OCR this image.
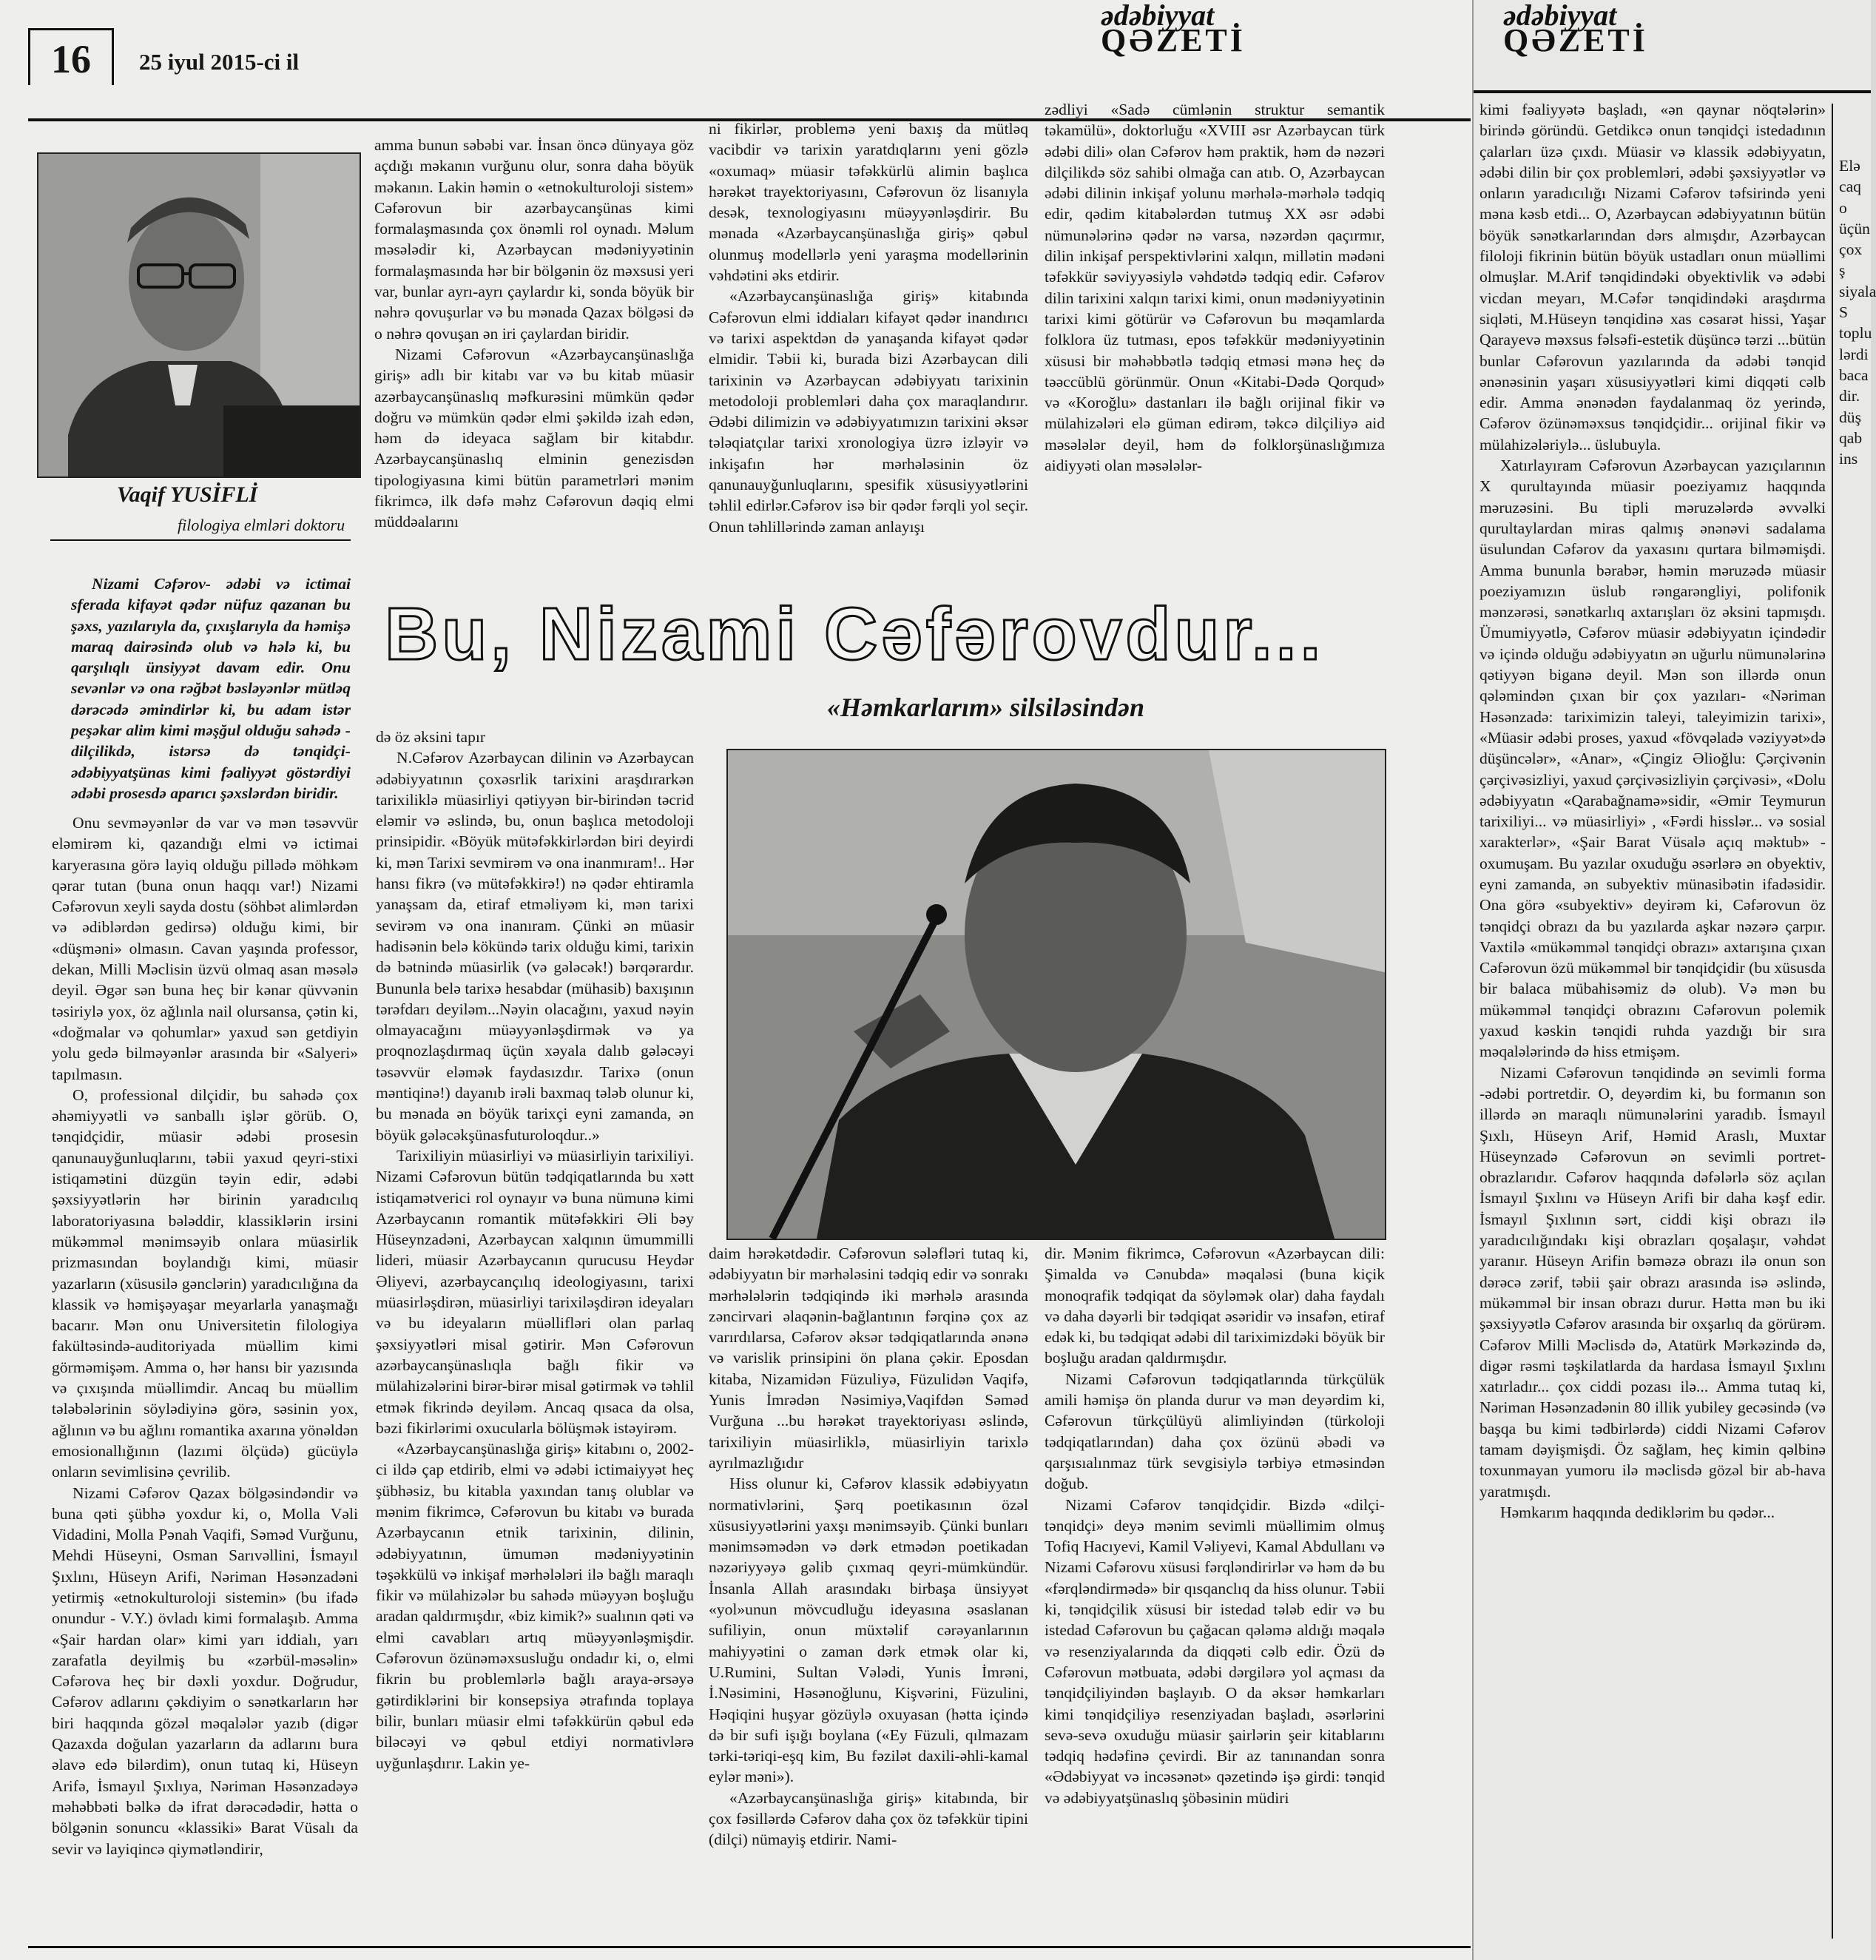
16	25 iyul 2015-ci il
ədəbiyyat
QƏZETİ
Vaqif YUSİFLİ
filologiya elmləri doktoru

Nizami Cəfərov- ədəbi və ictimai sferada kifayət qədər nüfuz qazanan bu şəxs, yazılarıyla da, çıxışlarıyla da həmişə maraq dairəsində olub və hələ ki, bu qarşılıqlı ünsiyyət davam edir. Onu sevənlər və ona rəğbət bəsləyənlər mütləq dərəcədə əmindirlər ki, bu adam istər peşəkar alim kimi məşğul olduğu sahədə - dilçilikdə, istərsə də tənqidçi-ədəbiyyatşünas kimi fəaliyyət göstərdiyi ədəbi prosesdə aparıcı şəxslərdən biridir.

Onu sevməyənlər də var və mən təsəvvür eləmirəm ki, qazandığı elmi və ictimai karyerasına görə layiq olduğu pillədə möhkəm qərar tutan (buna onun haqqı var!) Nizami Cəfərovun xeyli sayda dostu (söhbət alimlərdən və ədiblərdən gedirsə) olduğu kimi, bir «düşməni» olmasın. Cavan yaşında professor, dekan, Milli Məclisin üzvü olmaq asan məsələ deyil. Əgər sən buna heç bir kənar qüvvənin təsiriylə yox, öz ağlınla nail olursansa, çətin ki, «doğmalar və qohumlar» yaxud sən getdiyin yolu gedə bilməyənlər arasında bir «Salyeri» tapılmasın.

O, professional dilçidir, bu sahədə çox əhəmiyyətli və sanballı işlər görüb. O, tənqidçidir, müasir ədəbi prosesin qanunauyğunluqlarını, təbii yaxud qeyri-stixi istiqamətini düzgün təyin edir, ədəbi şəxsiyyətlərin hər birinin yaradıcılıq laboratoriyasına bələddir, klassiklərin irsini mükəmməl mənimsəyib onlara müasirlik prizmasından boylandığı kimi, müasir yazarların (xüsusilə gənclərin) yaradıcılığına da klassik və həmişəyaşar meyarlarla yanaşmağı bacarır. Mən onu Universitetin filologiya fakültəsində-auditoriyada müəllim kimi görməmişəm. Amma o, hər hansı bir yazısında və çıxışında müəllimdir. Ancaq bu müəllim tələbələrinin söylədiyinə görə, səsinin yox, ağlının və bu ağlını romantika axarına yönəldən emosionallığının (lazımi ölçüdə) gücüylə onların sevimlisinə çevrilib.

Nizami Cəfərov Qazax bölgəsindəndir və buna qəti şübhə yoxdur ki, o, Molla Vəli Vidadini, Molla Pənah Vaqifi, Səməd Vurğunu, Mehdi Hüseyni, Osman Sarıvəllini, İsmayıl Şıxlını, Hüseyn Arifi, Nəriman Həsənzadəni yetirmiş «etnokulturoloji sistemin» (bu ifadə onundur - V.Y.) övladı kimi formalaşıb. Amma «Şair hardan olar» kimi yarı iddialı, yarı zarafatla deyilmiş bu «zərbül-məsəlin» Cəfərova heç bir dəxli yoxdur. Doğrudur, Cəfərov adlarını çəkdiyim o sənətkarların hər biri haqqında gözəl məqalələr yazıb (digər Qazaxda doğulan yazarların da adlarını bura əlavə edə bilərdim), onun tutaq ki, Hüseyn Arifə, İsmayıl Şıxlıya, Nəriman Həsənzadəyə məhəbbəti bəlkə də ifrat dərəcədədir, hətta o bölgənin sonuncu «klassiki» Barat Vüsalı da sevir və layiqincə qiymətləndirir,

amma bunun səbəbi var. İnsan öncə dünyaya göz açdığı məkanın vurğunu olur, sonra daha böyük məkanın. Lakin həmin o «etnokulturoloji sistem» Cəfərovun bir azərbaycanşünas kimi formalaşmasında çox önəmli rol oynadı. Məlum məsələdir ki, Azərbaycan mədəniyyətinin formalaşmasında hər bir bölgənin öz məxsusi yeri var, bunlar ayrı-ayrı çaylardır ki, sonda böyük bir nəhrə qovuşurlar və bu mənada Qazax bölgəsi də o nəhrə qovuşan ən iri çaylardan biridir.

Nizami Cəfərovun «Azərbaycanşünaslığa giriş» adlı bir kitabı var və bu kitab müasir azərbaycanşünaslıq məfkurəsini mümkün qədər doğru və mümkün qədər elmi şəkildə izah edən, həm də ideyaca sağlam bir kitabdır. Azərbaycanşünaslıq elminin genezisdən tipologiyasına kimi bütün parametrləri mənim fikrimcə, ilk dəfə məhz Cəfərovun dəqiq elmi müddəalarını

ni fikirlər, problemə yeni baxış da mütləq vacibdir və tarixin yaratdıqlarını yeni gözlə «oxumaq» müasir təfəkkürlü alimin başlıca hərəkət trayektoriyasını, Cəfərovun öz lisanıyla desək, texnologiyasını müəyyənləşdirir. Bu mənada «Azərbaycanşünaslığa giriş» qəbul olunmuş modellərlə yeni yaraşma modellərinin vəhdətini əks etdirir.

«Azərbaycanşünaslığa giriş» kitabında Cəfərovun elmi iddiaları kifayət qədər inandırıcı və tarixi aspektdən də yanaşanda kifayət qədər elmidir. Təbii ki, burada bizi Azərbaycan dili tarixinin və Azərbaycan ədəbiyyatı tarixinin metodoloji problemləri daha çox maraqlandırır. Ədəbi dilimizin və ədəbiyyatımızın tarixini əksər tələqiatçılar tarixi xronologiya üzrə izləyir və inkişafın hər mərhələsinin öz qanunauyğunluqlarını, spesifik xüsusiyyətlərini təhlil edirlər.Cəfərov isə bir qədər fərqli yol seçir. Onun təhlillərində zaman anlayışı

zədliyi «Sadə cümlənin struktur semantik təkamülü», doktorluğu «XVIII əsr Azərbaycan türk ədəbi dili» olan Cəfərov həm praktik, həm də nəzəri dilçilikdə söz sahibi olmağa can atıb. O, Azərbaycan ədəbi dilinin inkişaf yolunu mərhələ-mərhələ tədqiq edir, qədim kitabələrdən tutmuş XX əsr ədəbi nümunələrinə qədər nə varsa, nəzərdən qaçırmır, dilin inkişaf perspektivlərini xalqın, millətin mədəni təfəkkür səviyyəsiylə vəhdətdə tədqiq edir. Cəfərov dilin tarixini xalqın tarixi kimi, onun mədəniyyətinin tarixi kimi götürür və Cəfərovun bu məqamlarda folklora üz tutması, epos təfəkkür mədəniyyətinin xüsusi bir məhəbbətlə tədqiq etməsi mənə heç də təəccüblü görünmür. Onun «Kitabi-Dədə Qorqud» və «Koroğlu» dastanları ilə bağlı orijinal fikir və mülahizələri elə güman edirəm, təkcə dilçiliyə aid məsələlər deyil, həm də folklorşünaslığımıza aidiyyəti olan məsələlər-

Bu, Nizami Cəfərovdur...
«Həmkarlarım» silsiləsindən

də öz əksini tapır

N.Cəfərov Azərbaycan dilinin və Azərbaycan ədəbiyyatının çoxəsrlik tarixini araşdırarkən tarixiliklə müasirliyi qətiyyən bir-birindən təcrid eləmir və əslində, bu, onun başlıca metodoloji prinsipidir. «Böyük mütəfəkkirlərdən biri deyirdi ki, mən Tarixi sevmirəm və ona inanmıram!.. Hər hansı fikrə (və mütəfəkkirə!) nə qədər ehtiramla yanaşsam da, etiraf etməliyəm ki, mən tarixi sevirəm və ona inanıram. Çünki ən müasir hadisənin belə kökündə tarix olduğu kimi, tarixin də bətnində müasirlik (və gələcək!) bərqərardır. Bununla belə tarixə hesabdar (mühasib) baxışının tərəfdarı deyiləm...Nəyin olacağını, yaxud nəyin olmayacağını müəyyənləşdirmək və ya proqnozlaşdırmaq üçün xəyala dalıb gələcəyi təsəvvür eləmək faydasızdır. Tarixə (onun məntiqinə!) dayanıb irəli baxmaq tələb olunur ki, bu mənada ən böyük tarixçi eyni zamanda, ən böyük gələcəkşünasfuturoloqdur..»

Tarixiliyin müasirliyi və müasirliyin tarixiliyi. Nizami Cəfərovun bütün tədqiqatlarında bu xətt istiqamətverici rol oynayır və buna nümunə kimi Azərbaycanın romantik mütəfəkkiri Əli bəy Hüseynzadəni, Azərbaycan xalqının ümummilli lideri, müasir Azərbaycanın qurucusu Heydər Əliyevi, azərbaycançılıq ideologiyasını, tarixi müasirləşdirən, müasirliyi tarixiləşdirən ideyaları və bu ideyaların müəllifləri olan parlaq şəxsiyyətləri misal gətirir. Mən Cəfərovun azərbaycanşünaslıqla bağlı fikir və mülahizələrini birər-birər misal gətirmək və təhlil etmək fikrində deyiləm. Ancaq qısaca da olsa, bəzi fikirlərimi oxucularla bölüşmək istəyirəm.

«Azərbaycanşünaslığa giriş» kitabını o, 2002-ci ildə çap etdirib, elmi və ədəbi ictimaiyyət heç şübhəsiz, bu kitabla yaxından tanış olublar və mənim fikrimcə, Cəfərovun bu kitabı və burada Azərbaycanın etnik tarixinin, dilinin, ədəbiyyatının, ümumən mədəniyyətinin təşəkkülü və inkişaf mərhələləri ilə bağlı maraqlı fikir və mülahizələr bu sahədə müəyyən boşluğu aradan qaldırmışdır, «biz kimik?» sualının qəti və elmi cavabları artıq müəyyənləşmişdir. Cəfərovun özünəməxsusluğu ondadır ki, o, elmi fikrin bu problemlərlə bağlı araya-ərsəyə gətirdiklərini bir konsepsiya ətrafında toplaya bilir, bunları müasir elmi təfəkkürün qəbul edə biləcəyi və qəbul etdiyi normativlərə uyğunlaşdırır. Lakin ye-

daim hərəkətdədir. Cəfərovun sələfləri tutaq ki, ədəbiyyatın bir mərhələsini tədqiq edir və sonrakı mərhələlərin tədqiqində iki mərhələ arasında zəncirvari əlaqənin-bağlantının fərqinə çox az varırdılarsa, Cəfərov əksər tədqiqatlarında ənənə və varislik prinsipini ön plana çəkir. Eposdan kitaba, Nizamidən Füzuliyə, Füzulidən Vaqifə, Yunis İmrədən Nəsimiyə,Vaqifdən Səməd Vurğuna ...bu hərəkət trayektoriyası əslində, tarixiliyin müasirliklə, müasirliyin tarixlə ayrılmazlığıdır

Hiss olunur ki, Cəfərov klassik ədəbiyyatın normativlərini, Şərq poetikasının özəl xüsusiyyətlərini yaxşı mənimsəyib. Çünki bunları mənimsəmədən və dərk etmədən poetikadan nəzəriyyəyə gəlib çıxmaq qeyri-mümkündür. İnsanla Allah arasındakı birbaşa ünsiyyət «yol»unun mövcudluğu ideyasına əsaslanan sufiliyin, onun müxtəlif cərəyanlarının mahiyyətini o zaman dərk etmək olar ki, U.Rumini, Sultan Vələdi, Yunis İmrəni, İ.Nəsimini, Həsənoğlunu, Kişvərini, Füzulini, Həqiqini huşyar gözüylə oxuyasan (hətta içində də bir sufi işığı boylana («Ey Füzuli, qılmazam tərki-təriqi-eşq kim, Bu fəzilət daxili-əhli-kamal eylər məni»).

«Azərbaycanşünaslığa giriş» kitabında, bir çox fəsillərdə Cəfərov daha çox öz təfəkkür tipini (dilçi) nümayiş etdirir. Nami-

dir. Mənim fikrimcə, Cəfərovun «Azərbaycan dili: Şimalda və Cənubda» məqaləsi (buna kiçik monoqrafik tədqiqat da söyləmək olar) daha faydalı və daha dəyərli bir tədqiqat əsəridir və insafən, etiraf edək ki, bu tədqiqat ədəbi dil tariximizdəki böyük bir boşluğu aradan qaldırmışdır.

Nizami Cəfərovun tədqiqatlarında türkçülük amili həmişə ön planda durur və mən deyərdim ki, Cəfərovun türkçülüyü alimliyindən (türkoloji tədqiqatlarından) daha çox özünü əbədi və qarşısıalınmaz türk sevgisiylə tərbiyə etməsindən doğub.

Nizami Cəfərov tənqidçidir. Bizdə «dilçi-tənqidçi» deyə mənim sevimli müəllimim olmuş Tofiq Hacıyevi, Kamil Vəliyevi, Kamal Abdullanı və Nizami Cəfərovu xüsusi fərqləndirirlər və həm də bu «fərqləndirmədə» bir qısqanclıq da hiss olunur. Təbii ki, tənqidçilik xüsusi bir istedad tələb edir və bu istedad Cəfərovun bu çağacan qələmə aldığı məqalə və resenziyalarında da diqqəti cəlb edir. Özü də Cəfərovun mətbuata, ədəbi dərgilərə yol açması da tənqidçiliyindən başlayıb. O da əksər həmkarları kimi tənqidçiliyə resenziyadan başladı, əsərlərini sevə-sevə oxuduğu müasir şairlərin şeir kitablarını tədqiq hədəfinə çevirdi. Bir az tanınandan sonra «Ədəbiyyat və incəsənət» qəzetində işə girdi: tənqid və ədəbiyyatşünaslıq şöbəsinin müdiri

ədəbiyyat
QƏZETİ

kimi fəaliyyətə başladı, «ən qaynar nöqtələrin» birində göründü. Getdikcə onun tənqidçi istedadının çalarları üzə çıxdı. Müasir və klassik ədəbiyyatın, ədəbi dilin bir çox problemləri, ədəbi şəxsiyyətlər və onların yaradıcılığı Nizami Cəfərov təfsirində yeni məna kəsb etdi... O, Azərbaycan ədəbiyyatının bütün böyük sənətkarlarından dərs almışdır, Azərbaycan filoloji fikrinin bütün böyük ustadları onun müəllimi olmuşlar. M.Arif tənqidindəki obyektivlik və ədəbi vicdan meyarı, M.Cəfər tənqidindəki araşdırma siqləti, M.Hüseyn tənqidinə xas cəsarət hissi, Yaşar Qarayevə məxsus fəlsəfi-estetik düşüncə tərzi ...bütün bunlar Cəfərovun yazılarında da ədəbi tənqid ənənəsinin yaşarı xüsusiyyətləri kimi diqqəti cəlb edir. Amma ənənədən faydalanmaq öz yerində, Cəfərov özünəməxsus tənqidçidir... orijinal fikir və mülahizələriylə... üslubuyla.

Xatırlayıram Cəfərovun Azərbaycan yazıçılarının X qurultayında müasir poeziyamız haqqında məruzəsini. Bu tipli məruzələrdə əvvəlki qurultaylardan miras qalmış ənənəvi sadalama üsulundan Cəfərov da yaxasını qurtara bilməmişdi. Amma bununla bərabər, həmin məruzədə müasir poeziyamızın üslub rəngarəngliyi, polifonik mənzərəsi, sənətkarlıq axtarışları öz əksini tapmışdı. Ümumiyyətlə, Cəfərov müasir ədəbiyyatın içindədir və içində olduğu ədəbiyyatın ən uğurlu nümunələrinə qətiyyən biganə deyil. Mən son illərdə onun qələmindən çıxan bir çox yazıları- «Nəriman Həsənzadə: tariximizin taleyi, taleyimizin tarixi», «Müasir ədəbi proses, yaxud «fövqəladə vəziyyət»də düşüncələr», «Anar», «Çingiz Əlioğlu: Çərçivənin çərçivəsizliyi, yaxud çərçivəsizliyin çərçivəsi», «Dolu ədəbiyyatın «Qarabağnamə»sidir, «Əmir Teymurun tarixiliyi... və müasirliyi» , «Fərdi hisslər... və sosial xarakterlər», «Şair Barat Vüsalə açıq məktub» - oxumuşam. Bu yazılar oxuduğu əsərlərə ən obyektiv, eyni zamanda, ən subyektiv münasibətin ifadəsidir. Ona görə «subyektiv» deyirəm ki, Cəfərovun öz tənqidçi obrazı da bu yazılarda aşkar nəzərə çarpır. Vaxtilə «mükəmməl tənqidçi obrazı» axtarışına çıxan Cəfərovun özü mükəmməl bir tənqidçidir (bu xüsusda bir balaca mübahisəmiz də olub). Və mən bu mükəmməl tənqidçi obrazını Cəfərovun polemik yaxud kəskin tənqidi ruhda yazdığı bir sıra məqalələrində də hiss etmişəm.

Nizami Cəfərovun tənqidində ən sevimli forma -ədəbi portretdir. O, deyərdim ki, bu formanın son illərdə ən maraqlı nümunələrini yaradıb. İsmayıl Şıxlı, Hüseyn Arif, Həmid Araslı, Muxtar Hüseynzadə Cəfərovun ən sevimli portret-obrazlarıdır. Cəfərov haqqında dəfələrlə söz açılan İsmayıl Şıxlını və Hüseyn Arifi bir daha kəşf edir. İsmayıl Şıxlının sərt, ciddi kişi obrazı ilə yaradıcılığındakı kişi obrazları qoşalaşır, vəhdət yaranır. Hüseyn Arifin bəməzə obrazı ilə onun son dərəcə zərif, təbii şair obrazı arasında isə əslində, mükəmməl bir insan obrazı durur. Hətta mən bu iki şəxsiyyətlə Cəfərov arasında bir oxşarlıq da görürəm. Cəfərov Milli Məclisdə də, Atatürk Mərkəzində də, digər rəsmi təşkilatlarda da hardasa İsmayıl Şıxlını xatırladır... çox ciddi pozası ilə... Amma tutaq ki, Nəriman Həsənzadənin 80 illik yubiley gecəsində (və başqa bu kimi tədbirlərdə) ciddi Nizami Cəfərov tamam dəyişmişdi. Öz sağlam, heç kimin qəlbinə toxunmayan yumoru ilə məclisdə gözəl bir ab-hava yaratmışdı.

Həmkarım haqqında dediklərim bu qədər...

Elə
caq o
üçün
çox ş
siyala
S
toplu
lərdi
baca
dir.
düş
qab
ins
